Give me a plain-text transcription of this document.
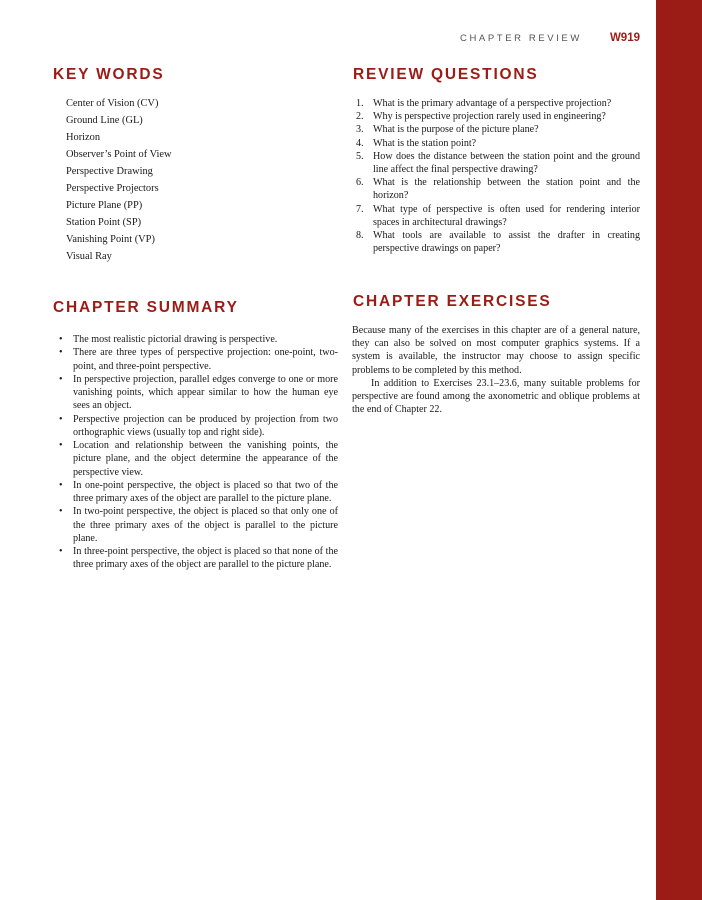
CHAPTER REVIEW W919
KEY WORDS
Center of Vision (CV)
Ground Line (GL)
Horizon
Observer’s Point of View
Perspective Drawing
Perspective Projectors
Picture Plane (PP)
Station Point (SP)
Vanishing Point (VP)
Visual Ray
REVIEW QUESTIONS
1. What is the primary advantage of a perspective projection?
2. Why is perspective projection rarely used in engineering?
3. What is the purpose of the picture plane?
4. What is the station point?
5. How does the distance between the station point and the ground line affect the final perspective drawing?
6. What is the relationship between the station point and the horizon?
7. What type of perspective is often used for rendering interior spaces in architectural drawings?
8. What tools are available to assist the drafter in creating perspective drawings on paper?
CHAPTER SUMMARY
• The most realistic pictorial drawing is perspective.
• There are three types of perspective projection: one-point, two-point, and three-point perspective.
• In perspective projection, parallel edges converge to one or more vanishing points, which appear similar to how the human eye sees an object.
• Perspective projection can be produced by projection from two orthographic views (usually top and right side).
• Location and relationship between the vanishing points, the picture plane, and the object determine the appearance of the perspective view.
• In one-point perspective, the object is placed so that two of the three primary axes of the object are parallel to the picture plane.
• In two-point perspective, the object is placed so that only one of the three primary axes of the object is parallel to the picture plane.
• In three-point perspective, the object is placed so that none of the three primary axes of the object are parallel to the picture plane.
CHAPTER EXERCISES

Because many of the exercises in this chapter are of a general nature, they can also be solved on most computer graphics systems. If a system is available, the instructor may choose to assign specific problems to be completed by this method.

In addition to Exercises 23.1–23.6, many suitable problems for perspective are found among the axonometric and oblique problems at the end of Chapter 22.
